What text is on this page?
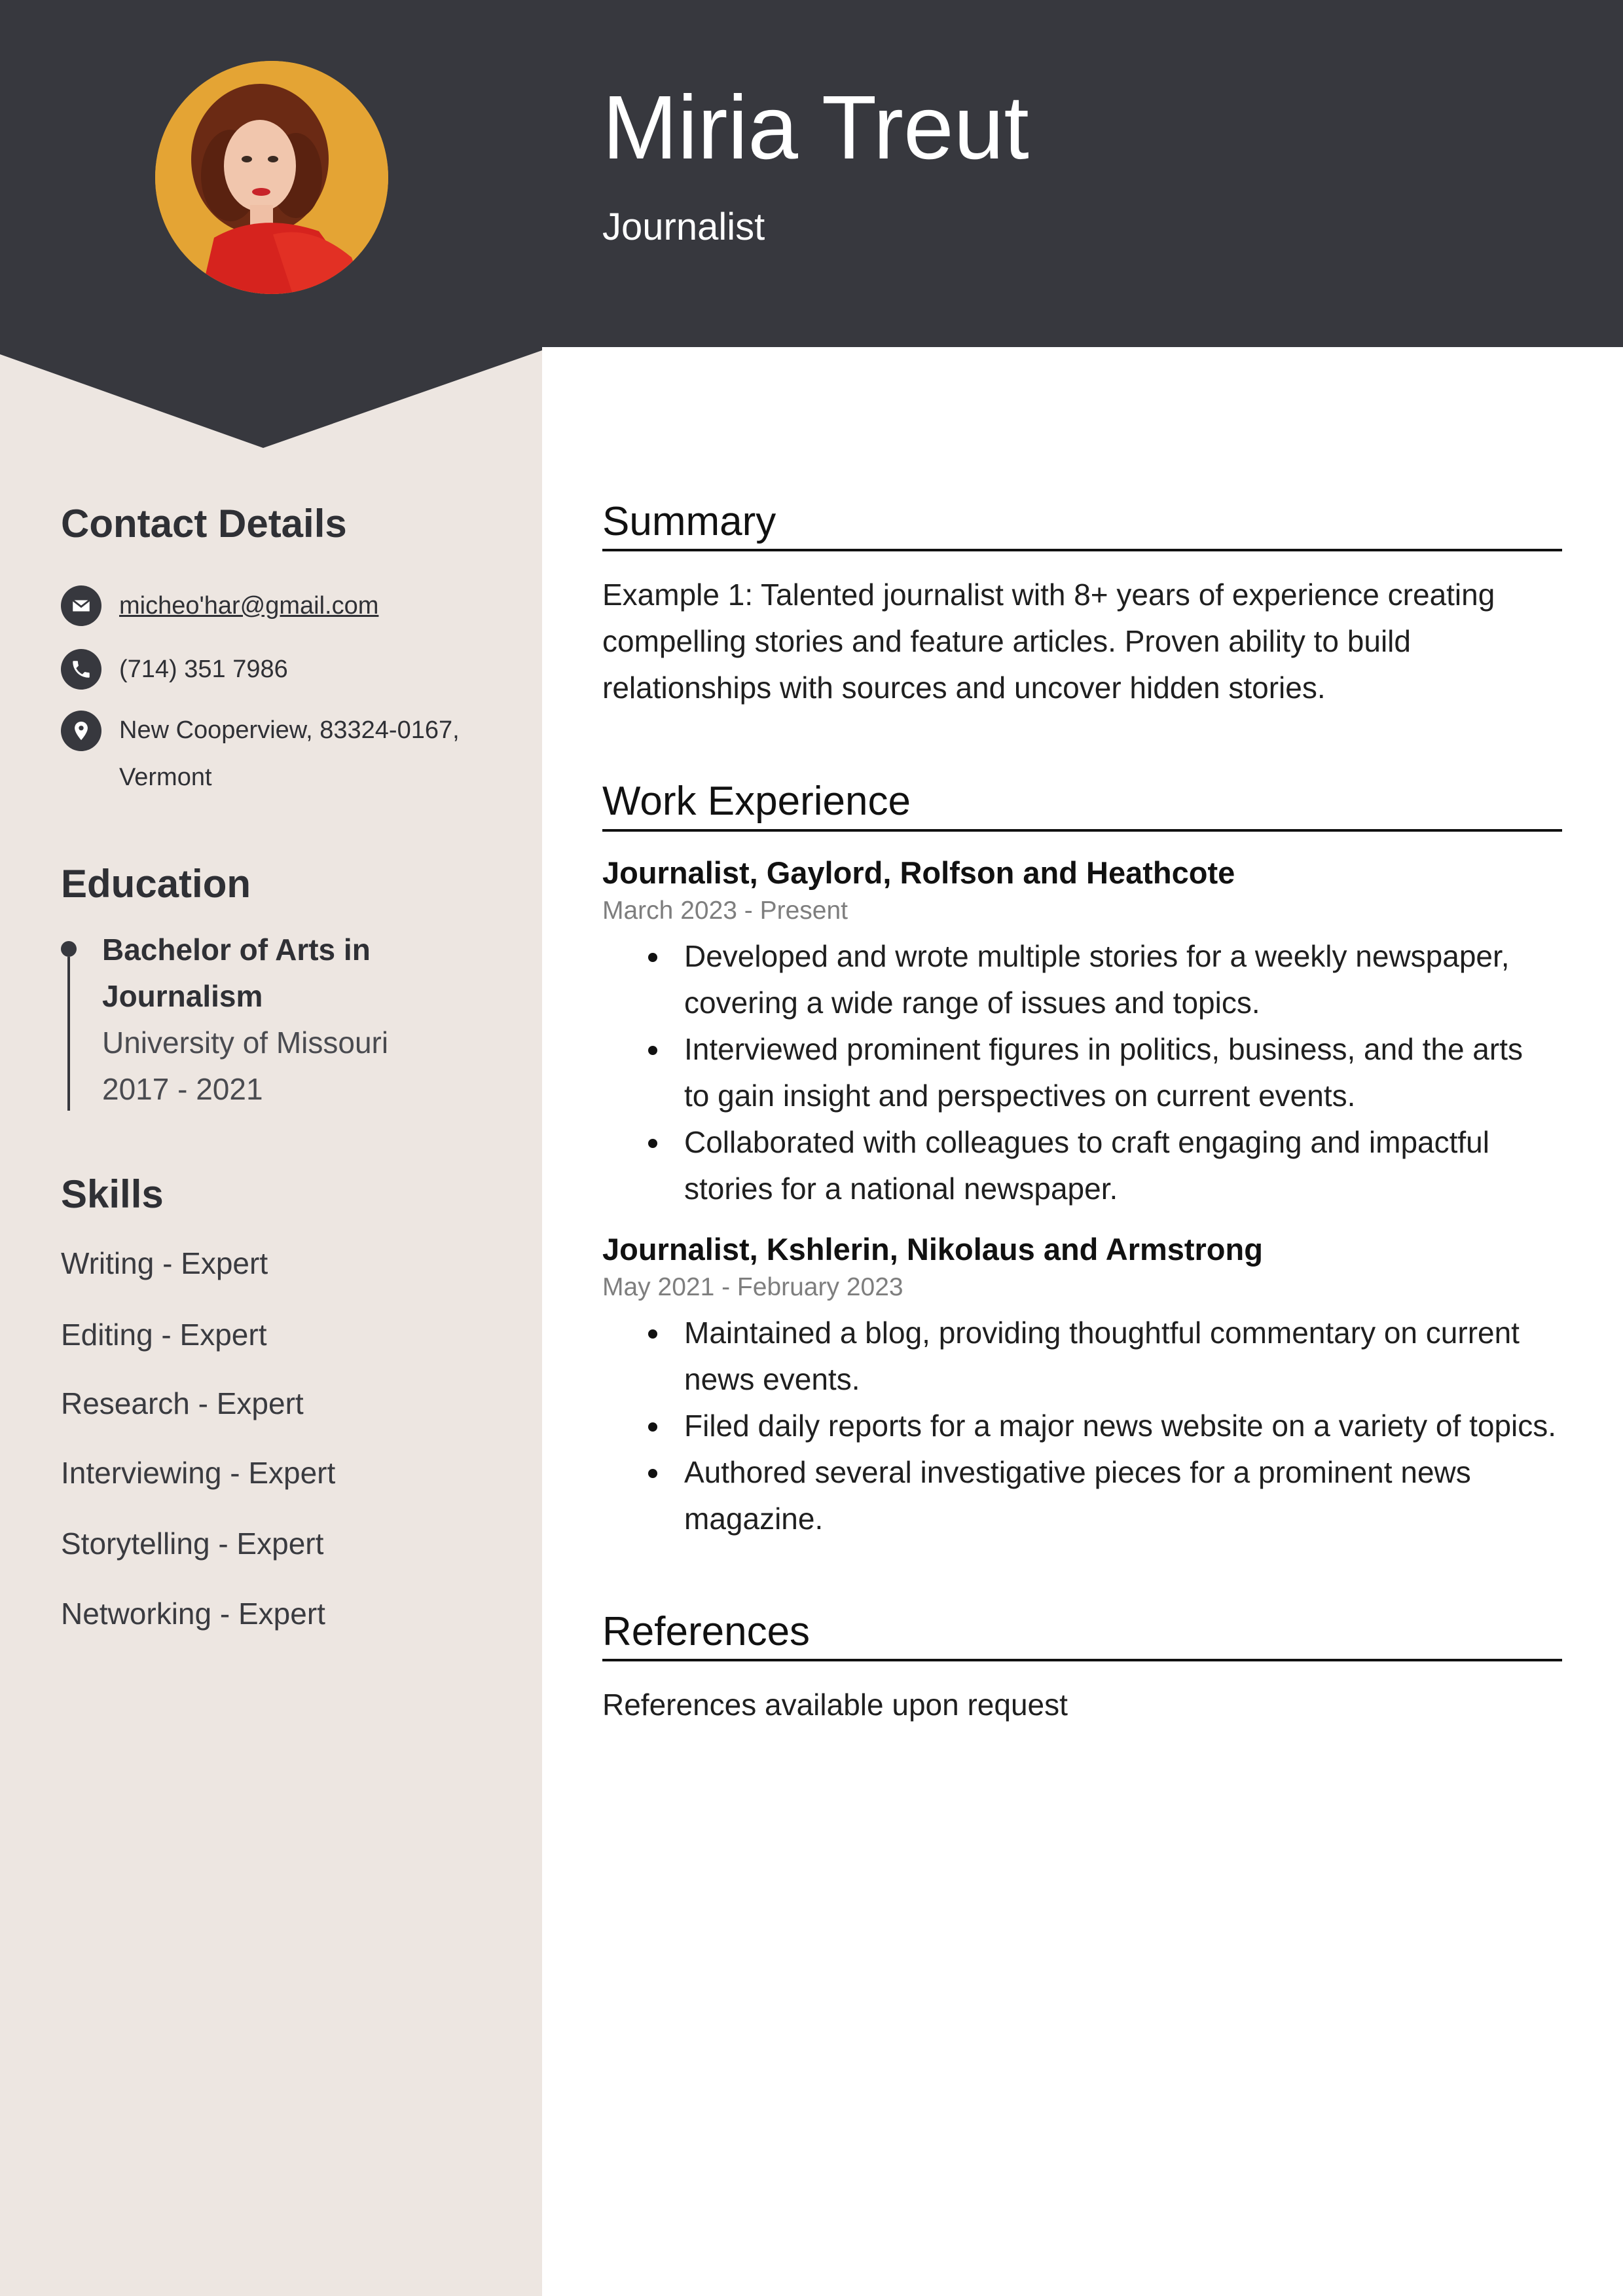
Miria Treut
Journalist
Contact Details
micheo'har@gmail.com
(714) 351 7986
New Cooperview, 83324-0167,
Vermont
Education
Bachelor of Arts in
Journalism
University of Missouri
2017 - 2021
Skills
Writing - Expert
Editing - Expert
Research - Expert
Interviewing - Expert
Storytelling - Expert
Networking - Expert
Summary
Example 1: Talented journalist with 8+ years of experience creating
compelling stories and feature articles. Proven ability to build
relationships with sources and uncover hidden stories.
Work Experience
Journalist, Gaylord, Rolfson and Heathcote
March 2023 - Present
Developed and wrote multiple stories for a weekly newspaper,
covering a wide range of issues and topics.
Interviewed prominent figures in politics, business, and the arts
to gain insight and perspectives on current events.
Collaborated with colleagues to craft engaging and impactful
stories for a national newspaper.
Journalist, Kshlerin, Nikolaus and Armstrong
May 2021 - February 2023
Maintained a blog, providing thoughtful commentary on current
news events.
Filed daily reports for a major news website on a variety of topics.
Authored several investigative pieces for a prominent news
magazine.
References
References available upon request
